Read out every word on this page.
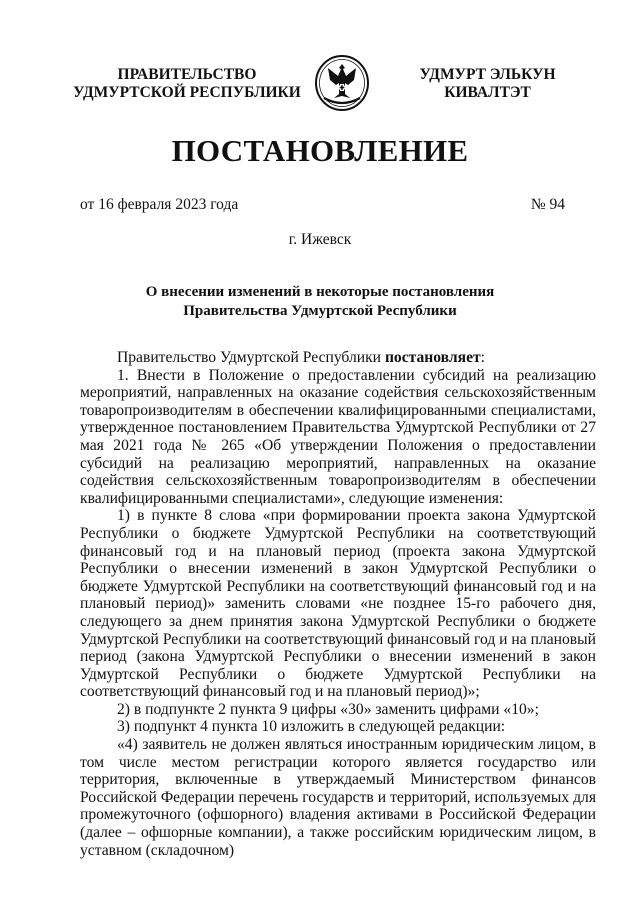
ПРАВИТЕЛЬСТВО
УДМУРТСКОЙ РЕСПУБЛИКИ
УДМУРТ ЭЛЬКУН
КИВАЛТЭТ
ПОСТАНОВЛЕНИЕ
от 16 февраля 2023 года	№ 94
г. Ижевск
О внесении изменений в некоторые постановления
Правительства Удмуртской Республики

Правительство Удмуртской Республики постановляет:

1. Внести в Положение о предоставлении субсидий на реализацию мероприятий, направленных на оказание содействия сельскохозяйственным товаропроизводителям в обеспечении квалифицированными специалистами, утвержденное постановлением Правительства Удмуртской Республики от 27 мая 2021 года № 265 «Об утверждении Положения о предоставлении субсидий на реализацию мероприятий, направленных на оказание содействия сельскохозяйственным товаропроизводителям в обеспечении квалифицированными специалистами», следующие изменения:

1) в пункте 8 слова «при формировании проекта закона Удмуртской Республики о бюджете Удмуртской Республики на соответствующий финансовый год и на плановый период (проекта закона Удмуртской Республики о внесении изменений в закон Удмуртской Республики о бюджете Удмуртской Республики на соответствующий финансовый год и на плановый период)» заменить словами «не позднее 15-го рабочего дня, следующего за днем принятия закона Удмуртской Республики о бюджете Удмуртской Республики на соответствующий финансовый год и на плановый период (закона Удмуртской Республики о внесении изменений в закон Удмуртской Республики о бюджете Удмуртской Республики на соответствующий финансовый год и на плановый период)»;

2) в подпункте 2 пункта 9 цифры «30» заменить цифрами «10»;

3) подпункт 4 пункта 10 изложить в следующей редакции:

«4) заявитель не должен являться иностранным юридическим лицом, в том числе местом регистрации которого является государство или территория, включенные в утверждаемый Министерством финансов Российской Федерации перечень государств и территорий, используемых для промежуточного (офшорного) владения активами в Российской Федерации (далее – офшорные компании), а также российским юридическим лицом, в уставном (складочном)
